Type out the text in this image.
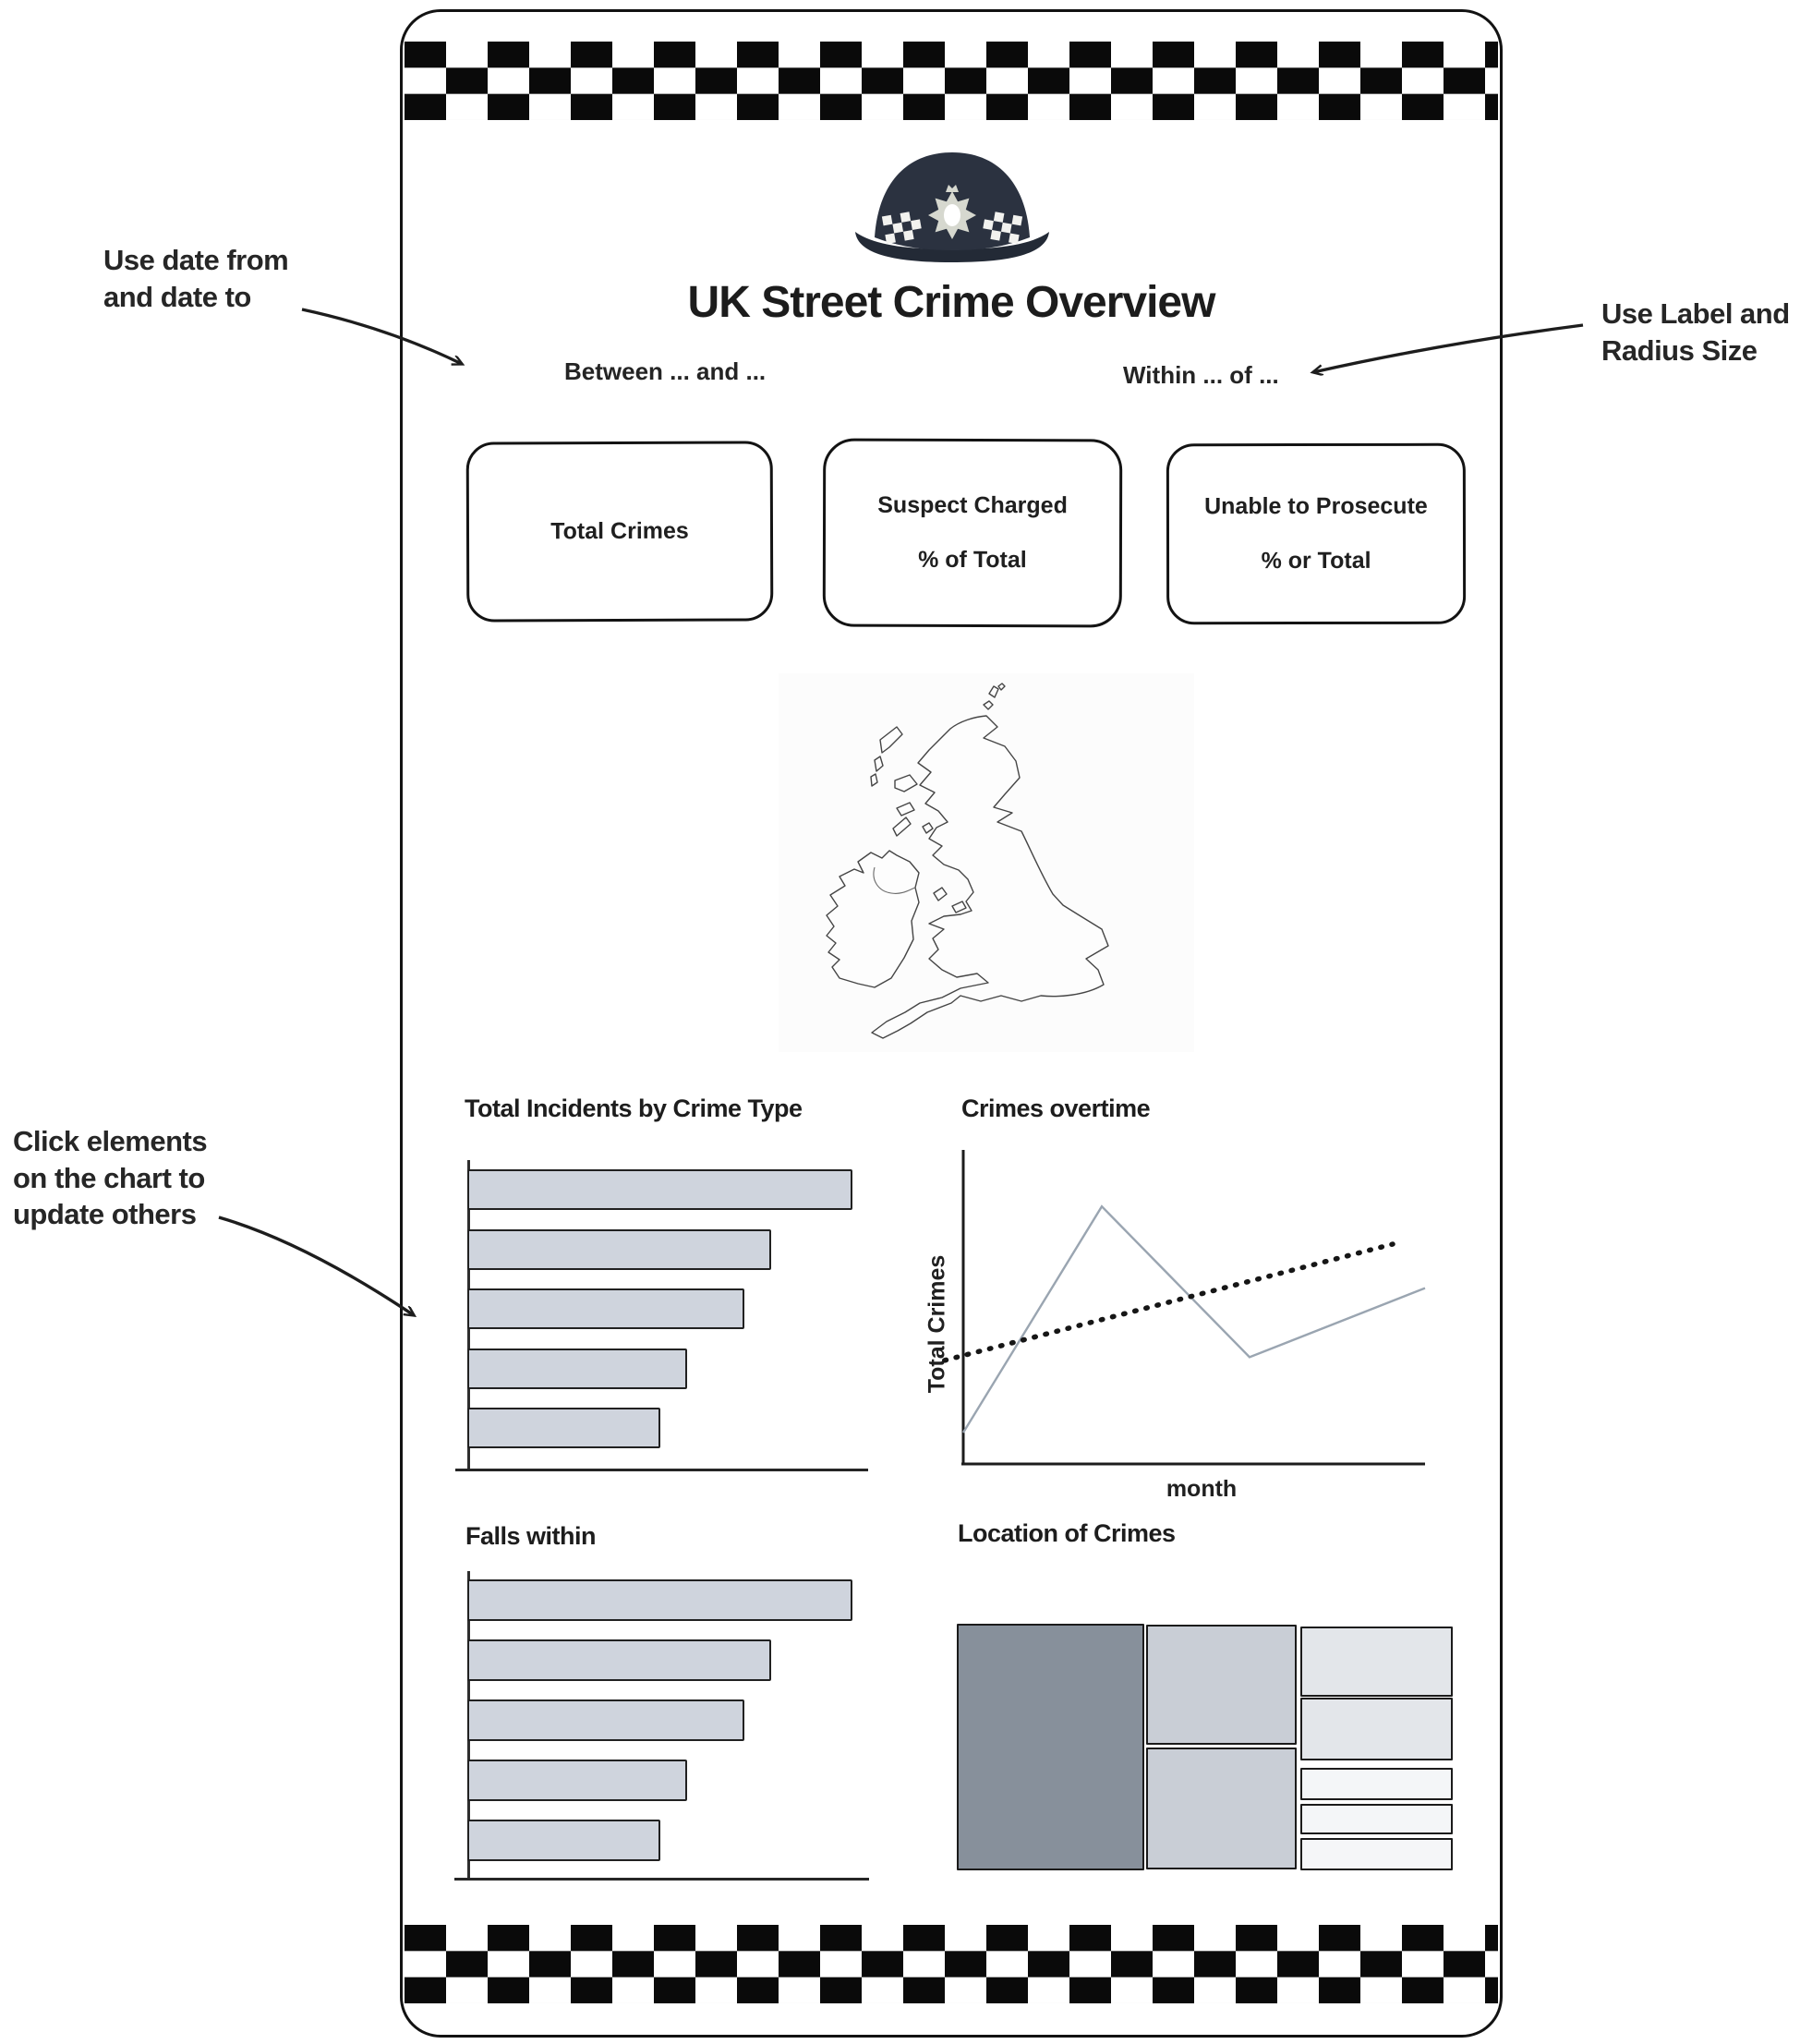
Use date from
and date to
Use Label and
Radius Size
Click elements
on the chart to
update others
UK Street Crime Overview
Between ... and ...	Within ... of ...
Total Crimes
Suspect Charged
% of Total
Unable to Prosecute
% or Total
Total Incidents by Crime Type	Crimes overtime
Total Crimes
month
Falls within	Location of Crimes
